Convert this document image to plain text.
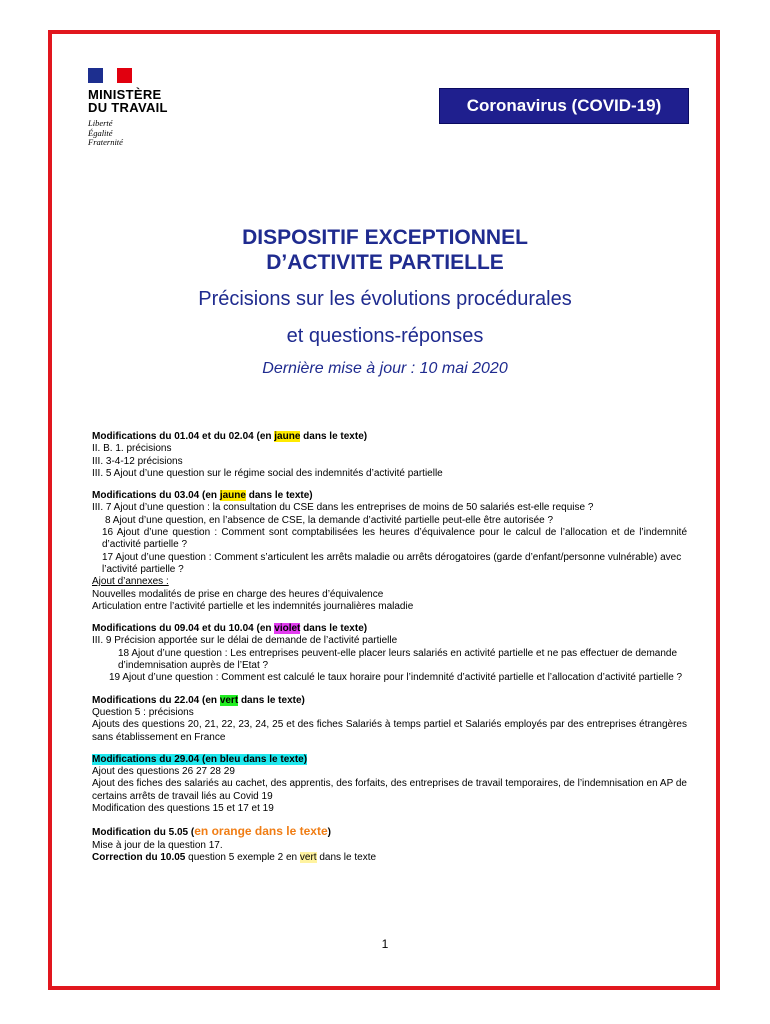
MINISTÈRE
DU TRAVAIL
Liberté
Égalité
Fraternité
Coronavirus (COVID-19)
DISPOSITIF EXCEPTIONNEL
D’ACTIVITE PARTIELLE
Précisions sur les évolutions procédurales
et questions-réponses
Dernière mise à jour : 10 mai 2020

Modifications du 01.04 et du 02.04 (en jaune dans le texte)

II. B. 1. précisions

III. 3-4-12 précisions

III. 5 Ajout d’une question sur le régime social des indemnités d’activité partielle

Modifications du 03.04 (en jaune dans le texte)

III. 7 Ajout d’une question : la consultation du CSE dans les entreprises de moins de 50 salariés est-elle requise ?

8 Ajout d’une question, en l’absence de CSE, la demande d’activité partielle peut-elle être autorisée ?

16 Ajout d’une question : Comment sont comptabilisées les heures d’équivalence pour le calcul de l’allocation et de l’indemnité d’activité partielle ?

17 Ajout d’une question : Comment s’articulent les arrêts maladie ou arrêts dérogatoires (garde d’enfant/personne vulnérable) avec l’activité partielle ?

Ajout d’annexes :

Nouvelles modalités de prise en charge des heures d’équivalence

Articulation entre l’activité partielle et les indemnités journalières maladie

Modifications du 09.04 et du 10.04 (en violet dans le texte)

III. 9 Précision apportée sur le délai de demande de l’activité partielle

18 Ajout d’une question : Les entreprises peuvent-elle placer leurs salariés en activité partielle et ne pas effectuer de demande d’indemnisation auprès de l’Etat ?

19 Ajout d’une question : Comment est calculé le taux horaire pour l’indemnité d’activité partielle et l’allocation d’activité partielle ?

Modifications du 22.04 (en vert dans le texte)

Question 5 : précisions

Ajouts des questions 20, 21, 22, 23, 24, 25 et des fiches Salariés à temps partiel et Salariés employés par des entreprises étrangères sans établissement en France

Modifications du 29.04 (en bleu dans le texte)

Ajout des questions 26 27 28 29

Ajout des fiches des salariés au cachet, des apprentis, des forfaits, des entreprises de travail temporaires, de l’indemnisation en AP de certains arrêts de travail liés au Covid 19

Modification des questions 15 et 17 et 19

Modification du 5.05 (en orange dans le texte)

Mise à jour de la question 17.

Correction du 10.05 question 5 exemple 2 en vert dans le texte

1
